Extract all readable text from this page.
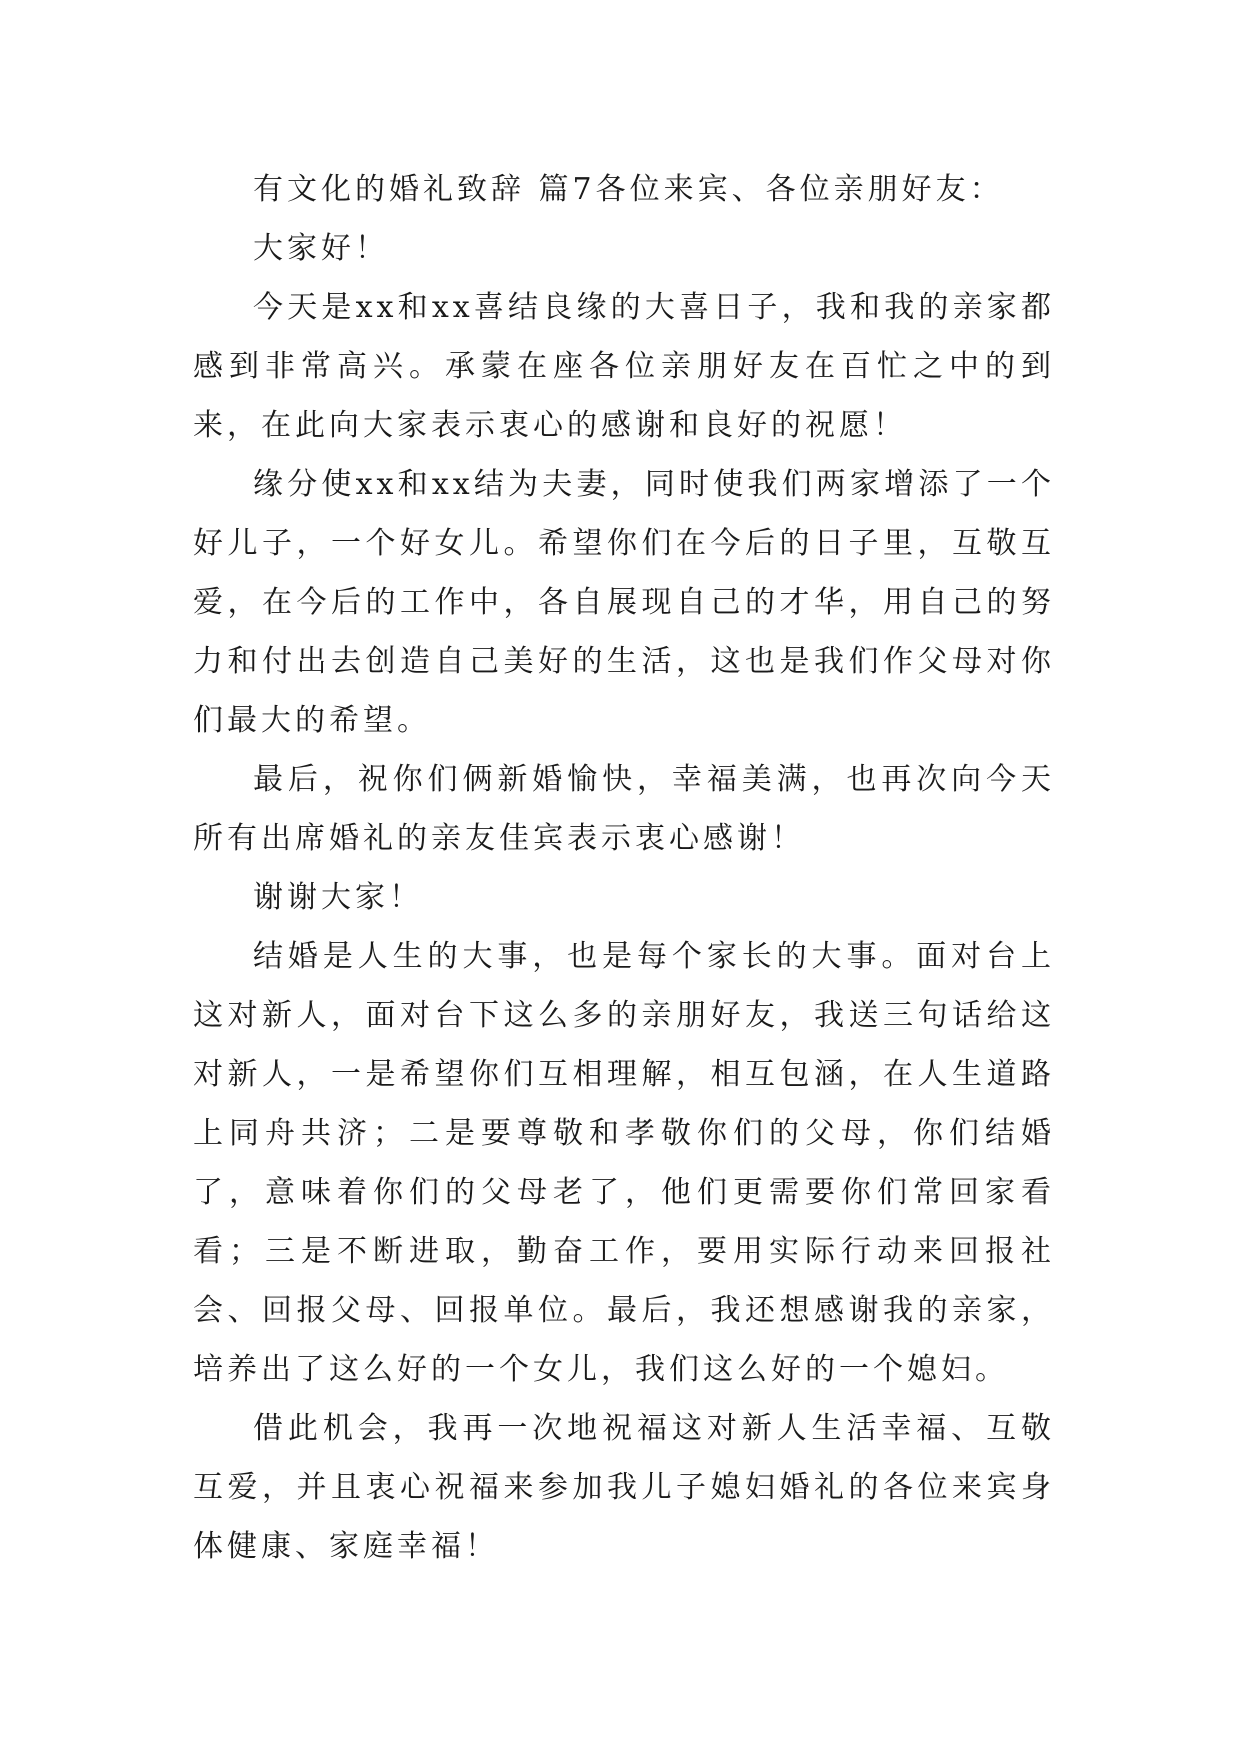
有文化的婚礼致辞 篇7各位来宾、各位亲朋好友：

大家好！

今天是xx和xx喜结良缘的大喜日子，我和我的亲家都感到非常高兴。承蒙在座各位亲朋好友在百忙之中的到来，在此向大家表示衷心的感谢和良好的祝愿！

缘分使xx和xx结为夫妻，同时使我们两家增添了一个好儿子，一个好女儿。希望你们在今后的日子里，互敬互爱，在今后的工作中，各自展现自己的才华，用自己的努力和付出去创造自己美好的生活，这也是我们作父母对你们最大的希望。

最后，祝你们俩新婚愉快，幸福美满，也再次向今天所有出席婚礼的亲友佳宾表示衷心感谢！

谢谢大家！

结婚是人生的大事，也是每个家长的大事。面对台上这对新人，面对台下这么多的亲朋好友，我送三句话给这对新人，一是希望你们互相理解，相互包涵，在人生道路上同舟共济；二是要尊敬和孝敬你们的父母，你们结婚了，意味着你们的父母老了，他们更需要你们常回家看看；三是不断进取，勤奋工作，要用实际行动来回报社会、回报父母、回报单位。最后，我还想感谢我的亲家，培养出了这么好的一个女儿，我们这么好的一个媳妇。

借此机会，我再一次地祝福这对新人生活幸福、互敬互爱，并且衷心祝福来参加我儿子媳妇婚礼的各位来宾身体健康、家庭幸福！
